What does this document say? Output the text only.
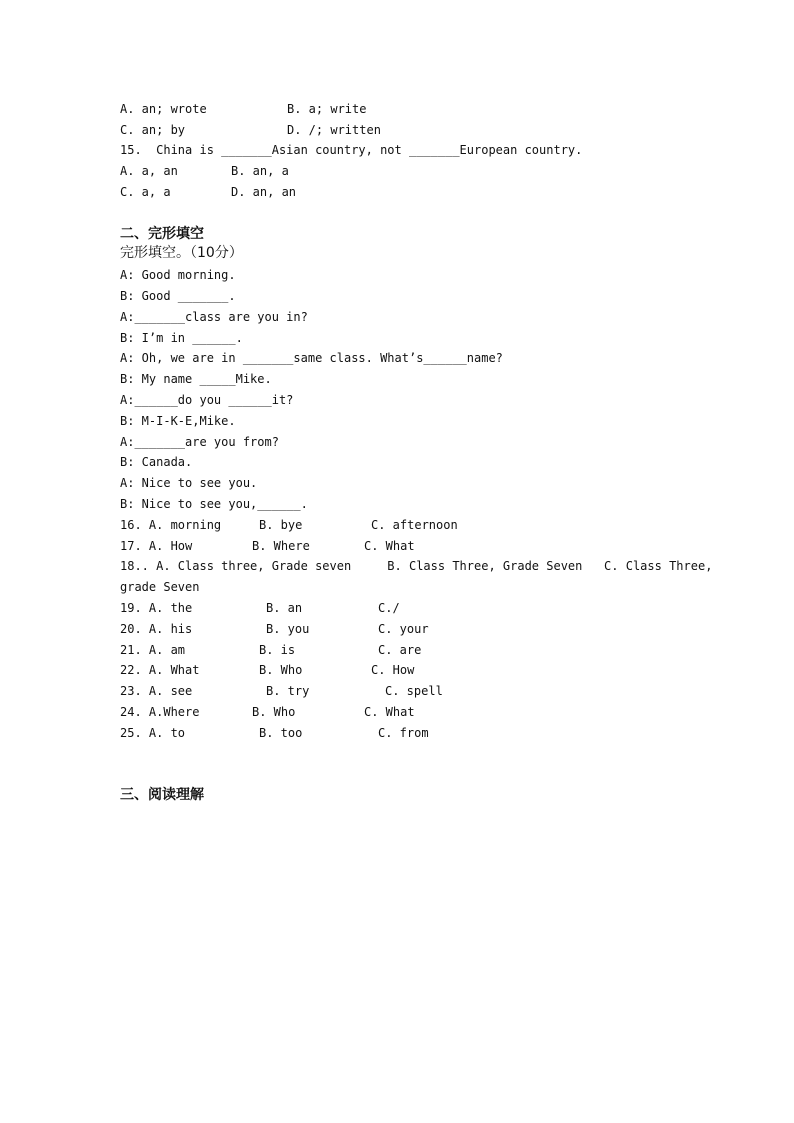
A. an; wrote

	B. a; write

C. an; by

	D. /; written

15.  China is _______Asian country, not _______European country.

A. a, an

	B. an, a

C. a, a

	D. an, an

二、完形填空
完形填空。（10分）
A: Good morning.
B: Good _______.
A:_______class are you in?
B: I’m in ______.
A: Oh, we are in _______same class. What’s______name?
B: My name _____Mike.
A:______do you ______it?
B: M-I-K-E,Mike.
A:_______are you from?
B: Canada.
A: Nice to see you.
B: Nice to see you,______.

16. A. morning

	B. bye

	C. afternoon

17. A. How

	B. Where

	C. What

18.. A. Class three, Grade seven     B. Class Three, Grade Seven   C. Class Three,
grade Seven

19. A. the

	B. an

	C./

20. A. his

	B. you

	C. your

21. A. am

	B. is

	C. are

22. A. What

	B. Who

	C. How

23. A. see

	B. try

	C. spell

24. A.Where

	B. Who

	C. What

25. A. to

	B. too

	C. from

三、阅读理解
